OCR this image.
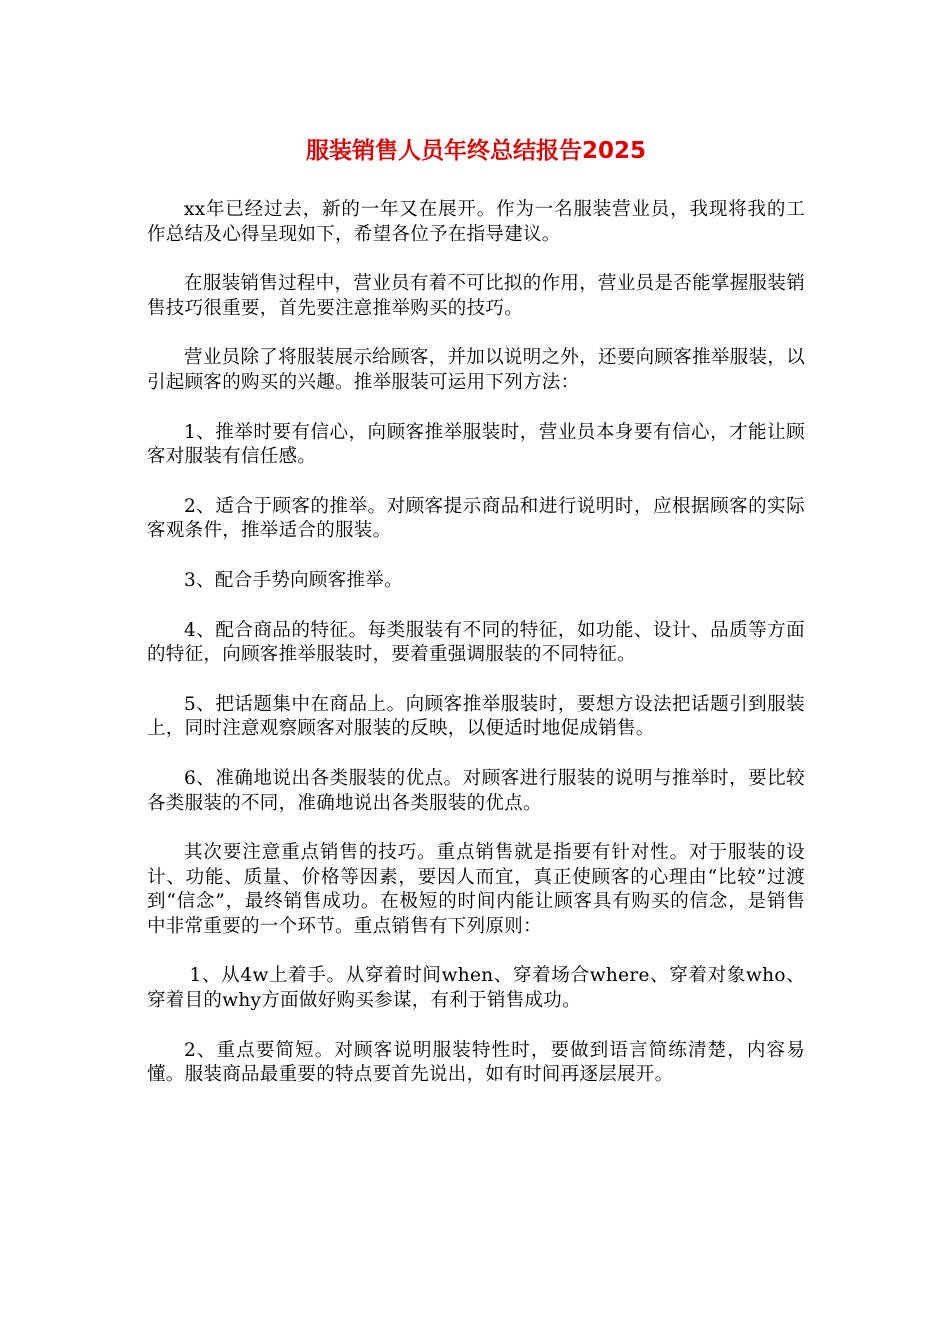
服装销售人员年终总结报告2025

xx年已经过去，新的一年又在展开。作为一名服装营业员，我现将我的工作总结及心得呈现如下，希望各位予在指导建议。

在服装销售过程中，营业员有着不可比拟的作用，营业员是否能掌握服装销售技巧很重要，首先要注意推举购买的技巧。

营业员除了将服装展示给顾客，并加以说明之外，还要向顾客推举服装，以引起顾客的购买的兴趣。推举服装可运用下列方法：

1、推举时要有信心，向顾客推举服装时，营业员本身要有信心，才能让顾客对服装有信任感。

2、适合于顾客的推举。对顾客提示商品和进行说明时，应根据顾客的实际客观条件，推举适合的服装。

3、配合手势向顾客推举。

4、配合商品的特征。每类服装有不同的特征，如功能、设计、品质等方面的特征，向顾客推举服装时，要着重强调服装的不同特征。

5、把话题集中在商品上。向顾客推举服装时，要想方设法把话题引到服装上，同时注意观察顾客对服装的反映，以便适时地促成销售。

6、准确地说出各类服装的优点。对顾客进行服装的说明与推举时，要比较各类服装的不同，准确地说出各类服装的优点。

其次要注意重点销售的技巧。重点销售就是指要有针对性。对于服装的设计、功能、质量、价格等因素，要因人而宜，真正使顾客的心理由“比较”过渡到“信念”，最终销售成功。在极短的时间内能让顾客具有购买的信念，是销售中非常重要的一个环节。重点销售有下列原则：

1、从4w上着手。从穿着时间when、穿着场合where、穿着对象who、穿着目的why方面做好购买参谋，有利于销售成功。

2、重点要简短。对顾客说明服装特性时，要做到语言简练清楚，内容易懂。服装商品最重要的特点要首先说出，如有时间再逐层展开。
